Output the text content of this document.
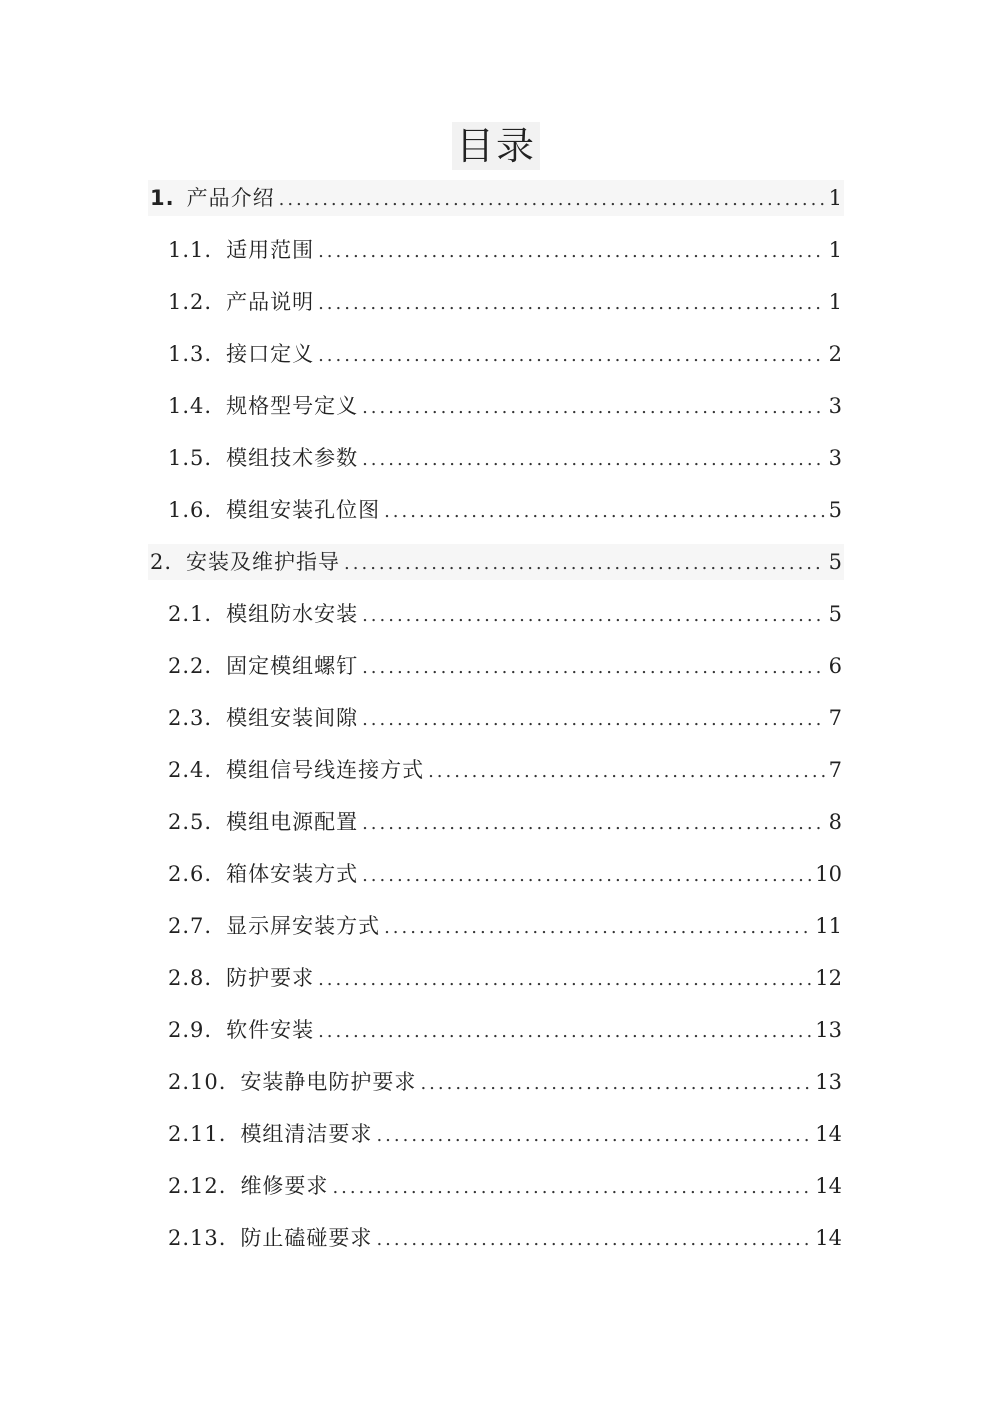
目录
1. 产品介绍 .....	1
1.1. 适用范围 .....	1
1.2. 产品说明 .....	1
1.3. 接口定义 .....	2
1.4. 规格型号定义 .....	3
1.5. 模组技术参数 .....	3
1.6. 模组安装孔位图 .....	5
2. 安装及维护指导 .....	5
2.1. 模组防水安装 .....	5
2.2. 固定模组螺钉 .....	6
2.3. 模组安装间隙 .....	7
2.4. 模组信号线连接方式 .....	7
2.5. 模组电源配置 .....	8
2.6. 箱体安装方式 .....	10
2.7. 显示屏安装方式 .....	11
2.8. 防护要求 .....	12
2.9. 软件安装 .....	13
2.10. 安装静电防护要求 .....	13
2.11. 模组清洁要求 .....	14
2.12. 维修要求 .....	14
2.13. 防止磕碰要求 .....	14
